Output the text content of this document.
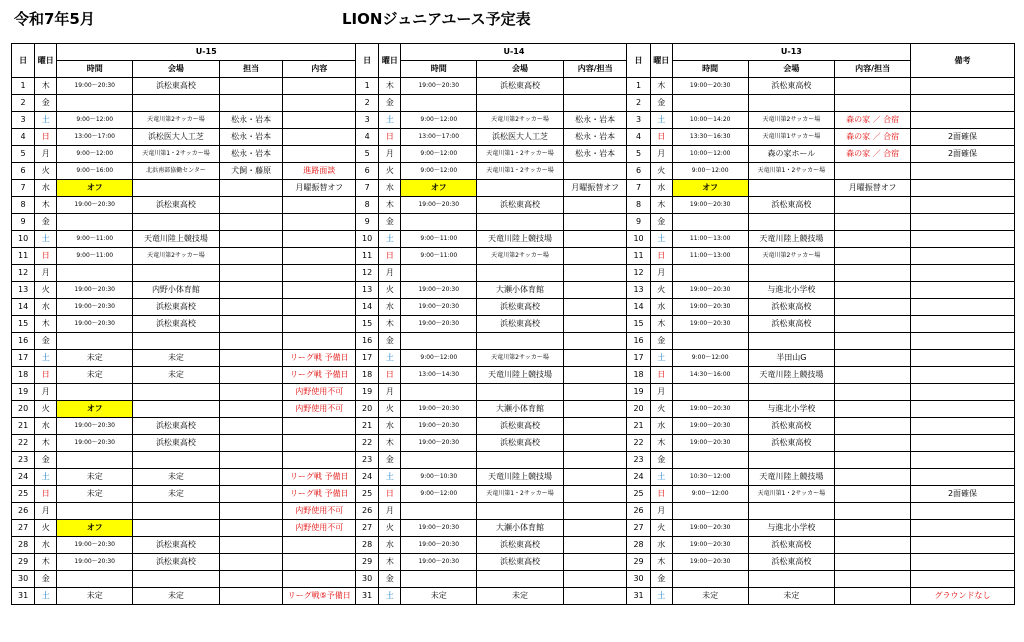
令和7年5月	LIONジュニアユース予定表
日	曜日	U-15				日	曜日	U-14			日	曜日	U-13			備考
		時間	会場	担当	内容			時間	会場	内容/担当			時間	会場	内容/担当	
1	木	19:00～20:30	浜松東高校			1	木	19:00～20:30	浜松東高校		1	木	19:00～20:30	浜松東高校		
2	金					2	金				2	金				
3	土	9:00～12:00	天竜川第2サッカー場	松永・岩本		3	土	9:00～12:00	天竜川第2サッカー場	松永・岩本	3	土	10:00～14:20	天竜川第2サッカー場	森の家 ／ 合宿	
4	日	13:00～17:00	浜松医大人工芝	松永・岩本		4	日	13:00～17:00	浜松医大人工芝	松永・岩本	4	日	13:30～16:30	天竜川第1サッカー場	森の家 ／ 合宿	2面確保
5	月	9:00～12:00	天竜川第1・2サッカー場	松永・岩本		5	月	9:00～12:00	天竜川第1・2サッカー場	松永・岩本	5	月	10:00～12:00	森の家ホール	森の家 ／ 合宿	2面確保
6	火	9:00～16:00	北浜南部協働センター	犬飼・藤原	進路面談	6	火	9:00～12:00	天竜川第1・2サッカー場		6	火	9:00～12:00	天竜川第1・2サッカー場		
7	水	オフ			月曜振替オフ	7	水	オフ		月曜振替オフ	7	水	オフ		月曜振替オフ	
8	木	19:00～20:30	浜松東高校			8	木	19:00～20:30	浜松東高校		8	木	19:00～20:30	浜松東高校		
9	金					9	金				9	金				
10	土	9:00～11:00	天竜川陸上競技場			10	土	9:00～11:00	天竜川陸上競技場		10	土	11:00～13:00	天竜川陸上競技場		
11	日	9:00～11:00	天竜川第2サッカー場			11	日	9:00～11:00	天竜川第2サッカー場		11	日	11:00～13:00	天竜川第2サッカー場		
12	月					12	月				12	月				
13	火	19:00～20:30	内野小体育館			13	火	19:00～20:30	大瀬小体育館		13	火	19:00～20:30	与進北小学校		
14	水	19:00～20:30	浜松東高校			14	水	19:00～20:30	浜松東高校		14	水	19:00～20:30	浜松東高校		
15	木	19:00～20:30	浜松東高校			15	木	19:00～20:30	浜松東高校		15	木	19:00～20:30	浜松東高校		
16	金					16	金				16	金				
17	土	未定	未定		リーグ戦 予備日	17	土	9:00～12:00	天竜川第2サッカー場		17	土	9:00～12:00	半田山G		
18	日	未定	未定		リーグ戦 予備日	18	日	13:00～14:30	天竜川陸上競技場		18	日	14:30～16:00	天竜川陸上競技場		
19	月				内野使用不可	19	月				19	月				
20	火	オフ			内野使用不可	20	火	19:00～20:30	大瀬小体育館		20	火	19:00～20:30	与進北小学校		
21	水	19:00～20:30	浜松東高校			21	水	19:00～20:30	浜松東高校		21	水	19:00～20:30	浜松東高校		
22	木	19:00～20:30	浜松東高校			22	木	19:00～20:30	浜松東高校		22	木	19:00～20:30	浜松東高校		
23	金					23	金				23	金				
24	土	未定	未定		リーグ戦 予備日	24	土	9:00～10:30	天竜川陸上競技場		24	土	10:30～12:00	天竜川陸上競技場		
25	日	未定	未定		リーグ戦 予備日	25	日	9:00～12:00	天竜川第1・2サッカー場		25	日	9:00～12:00	天竜川第1・2サッカー場		2面確保
26	月				内野使用不可	26	月				26	月				
27	火	オフ			内野使用不可	27	火	19:00～20:30	大瀬小体育館		27	火	19:00～20:30	与進北小学校		
28	水	19:00～20:30	浜松東高校			28	水	19:00～20:30	浜松東高校		28	水	19:00～20:30	浜松東高校		
29	木	19:00～20:30	浜松東高校			29	木	19:00～20:30	浜松東高校		29	木	19:00～20:30	浜松東高校		
30	金					30	金				30	金				
31	土	未定	未定		リーグ戦⑤予備日	31	土	未定	未定		31	土	未定	未定		グラウンドなし
